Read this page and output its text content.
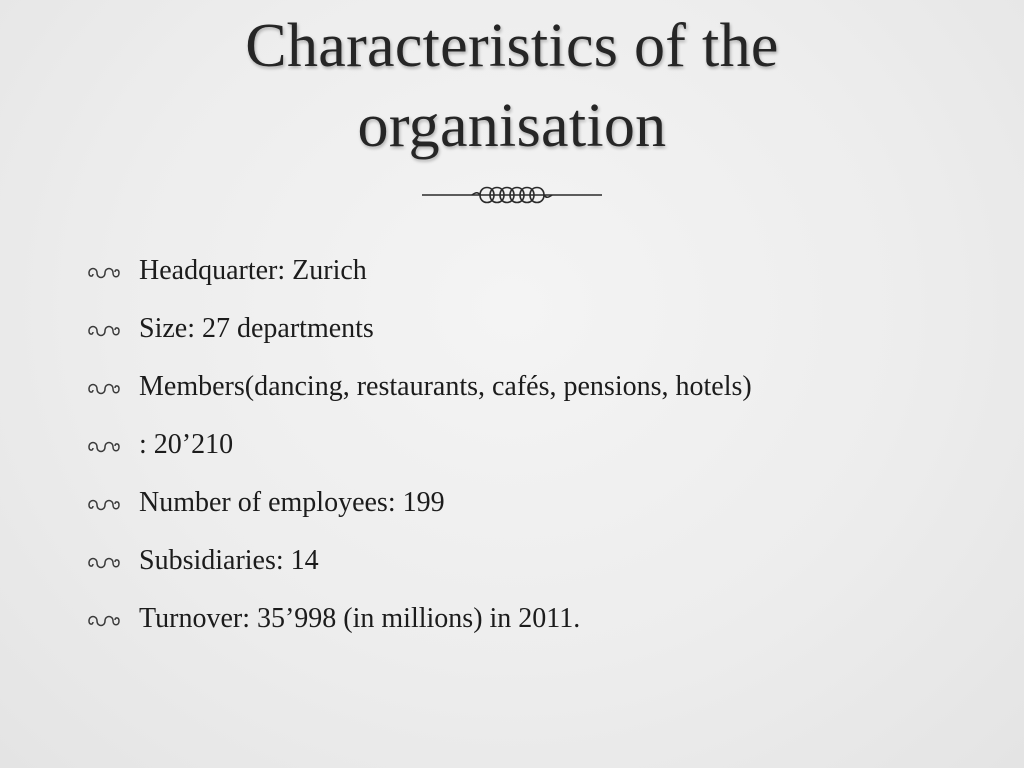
Characteristics of the
organisation
Headquarter: Zurich
Size: 27 departments
Members(dancing, restaurants, cafés, pensions, hotels)
: 20’210
Number of employees: 199
Subsidiaries: 14
Turnover: 35’998 (in millions) in 2011.
